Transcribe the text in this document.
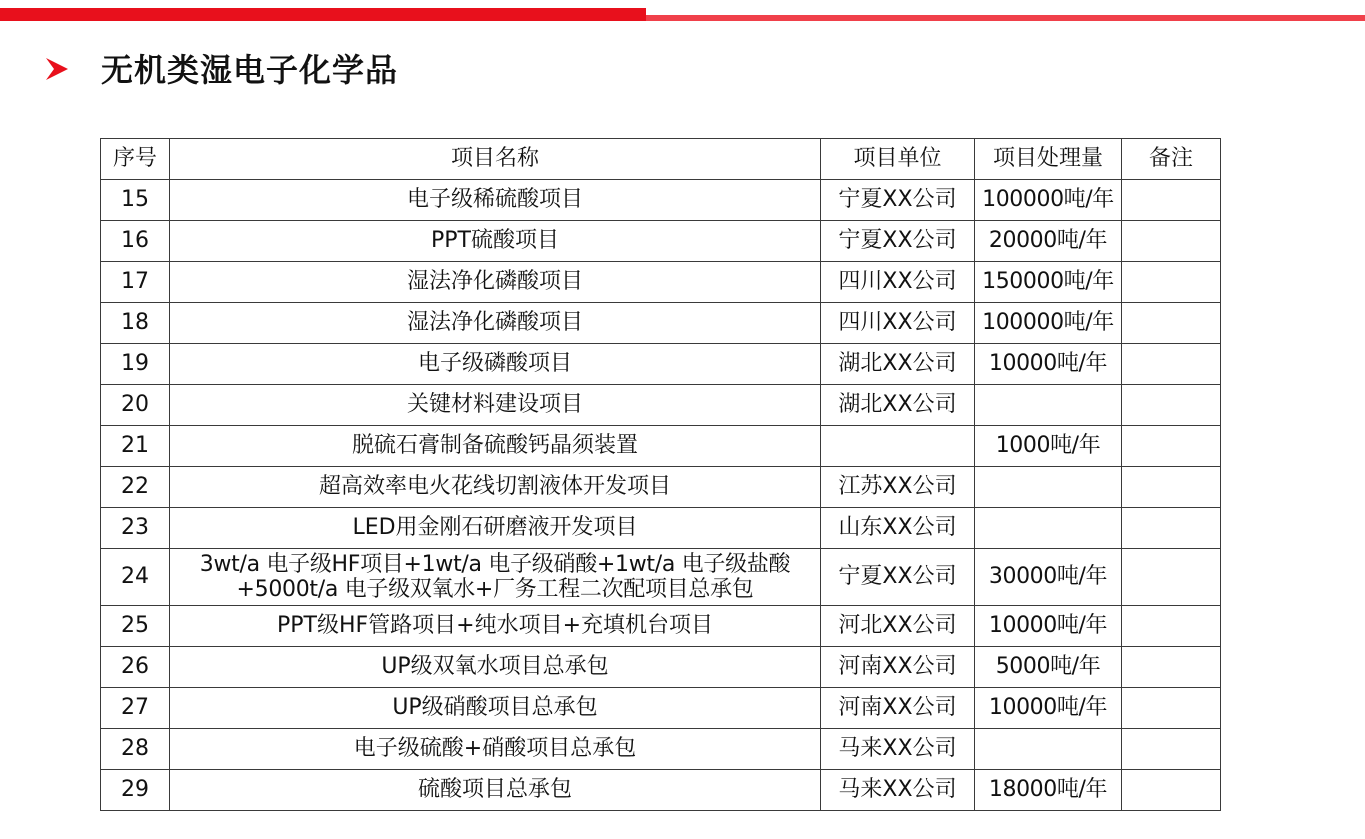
无机类湿电子化学品
序号	项目名称	项目单位	项目处理量	备注
15	电子级稀硫酸项目	宁夏XX公司	100000吨/年	
16	PPT硫酸项目	宁夏XX公司	20000吨/年	
17	湿法净化磷酸项目	四川XX公司	150000吨/年	
18	湿法净化磷酸项目	四川XX公司	100000吨/年	
19	电子级磷酸项目	湖北XX公司	10000吨/年	
20	关键材料建设项目	湖北XX公司		
21	脱硫石膏制备硫酸钙晶须装置		1000吨/年	
22	超高效率电火花线切割液体开发项目	江苏XX公司		
23	LED用金刚石研磨液开发项目	山东XX公司		
24	3wt/a 电子级HF项目+1wt/a 电子级硝酸+1wt/a 电子级盐酸
+5000t/a 电子级双氧水+厂务工程二次配项目总承包	宁夏XX公司	30000吨/年	
25	PPT级HF管路项目+纯水项目+充填机台项目	河北XX公司	10000吨/年	
26	UP级双氧水项目总承包	河南XX公司	5000吨/年	
27	UP级硝酸项目总承包	河南XX公司	10000吨/年	
28	电子级硫酸+硝酸项目总承包	马来XX公司		
29	硫酸项目总承包	马来XX公司	18000吨/年	
